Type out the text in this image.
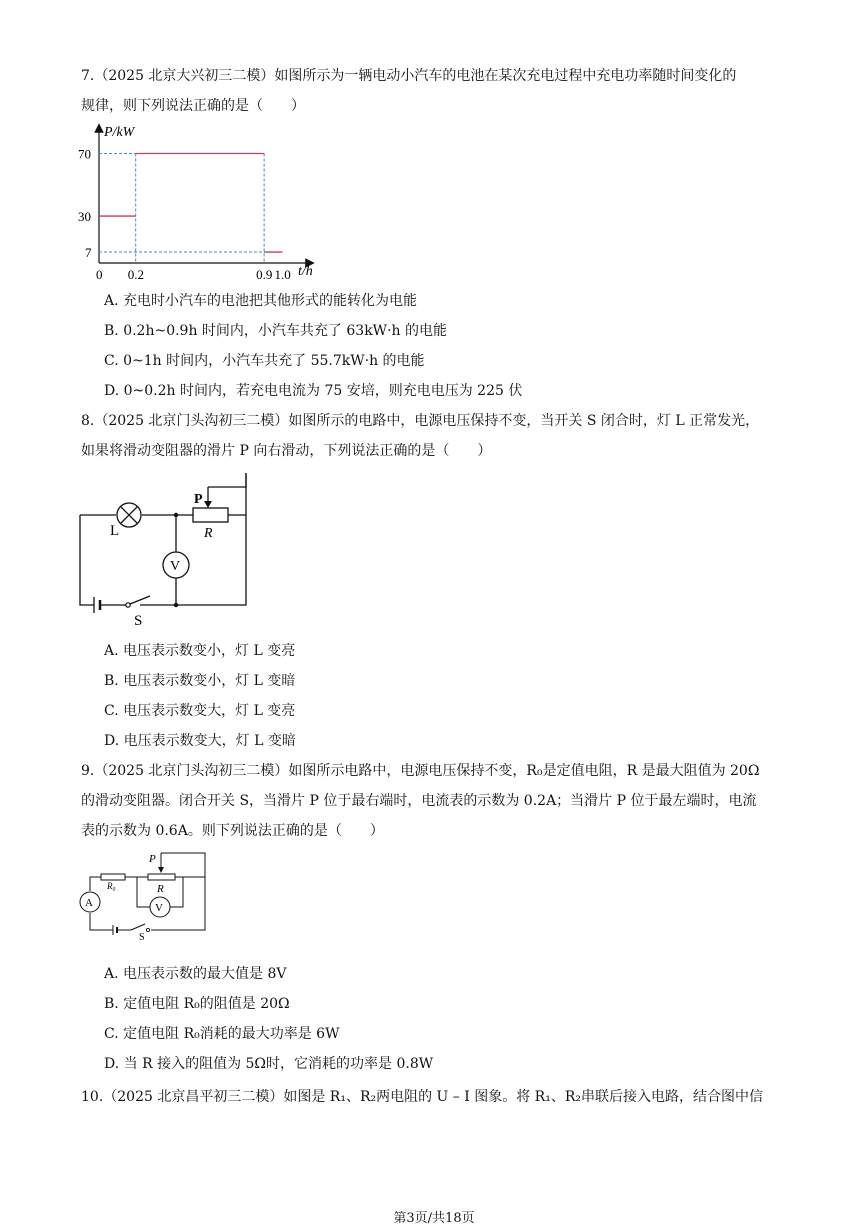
7.（2025 北京大兴初三二模）如图所示为一辆电动小汽车的电池在某次充电过程中充电功率随时间变化的
规律，则下列说法正确的是（　　）
0 0.2	0.9 1.0
7
30
70
P/kW
t/h
A. 充电时小汽车的电池把其他形式的能转化为电能
B. 0.2h~0.9h 时间内，小汽车共充了 63kW·h 的电能
C. 0~1h 时间内，小汽车共充了 55.7kW·h 的电能
D. 0~0.2h 时间内，若充电电流为 75 安培，则充电电压为 225 伏
8.（2025 北京门头沟初三二模）如图所示的电路中，电源电压保持不变，当开关 S 闭合时，灯 L 正常发光，
如果将滑动变阻器的滑片 P 向右滑动，下列说法正确的是（　　）
L
P
R
V
S
A. 电压表示数变小，灯 L 变亮
B. 电压表示数变小，灯 L 变暗
C. 电压表示数变大，灯 L 变亮
D. 电压表示数变大，灯 L 变暗
9.（2025 北京门头沟初三二模）如图所示电路中，电源电压保持不变，R₀是定值电阻，R 是最大阻值为 20Ω
的滑动变阻器。闭合开关 S，当滑片 P 位于最右端时，电流表的示数为 0.2A；当滑片 P 位于最左端时，电流
表的示数为 0.6A。则下列说法正确的是（　　）
R₀
P
R
V
A
S
A. 电压表示数的最大值是 8V
B. 定值电阻 R₀的阻值是 20Ω
C. 定值电阻 R₀消耗的最大功率是 6W
D. 当 R 接入的阻值为 5Ω时，它消耗的功率是 0.8W
10.（2025 北京昌平初三二模）如图是 R₁、R₂两电阻的 U – I 图象。将 R₁、R₂串联后接入电路，结合图中信
第3页/共18页
